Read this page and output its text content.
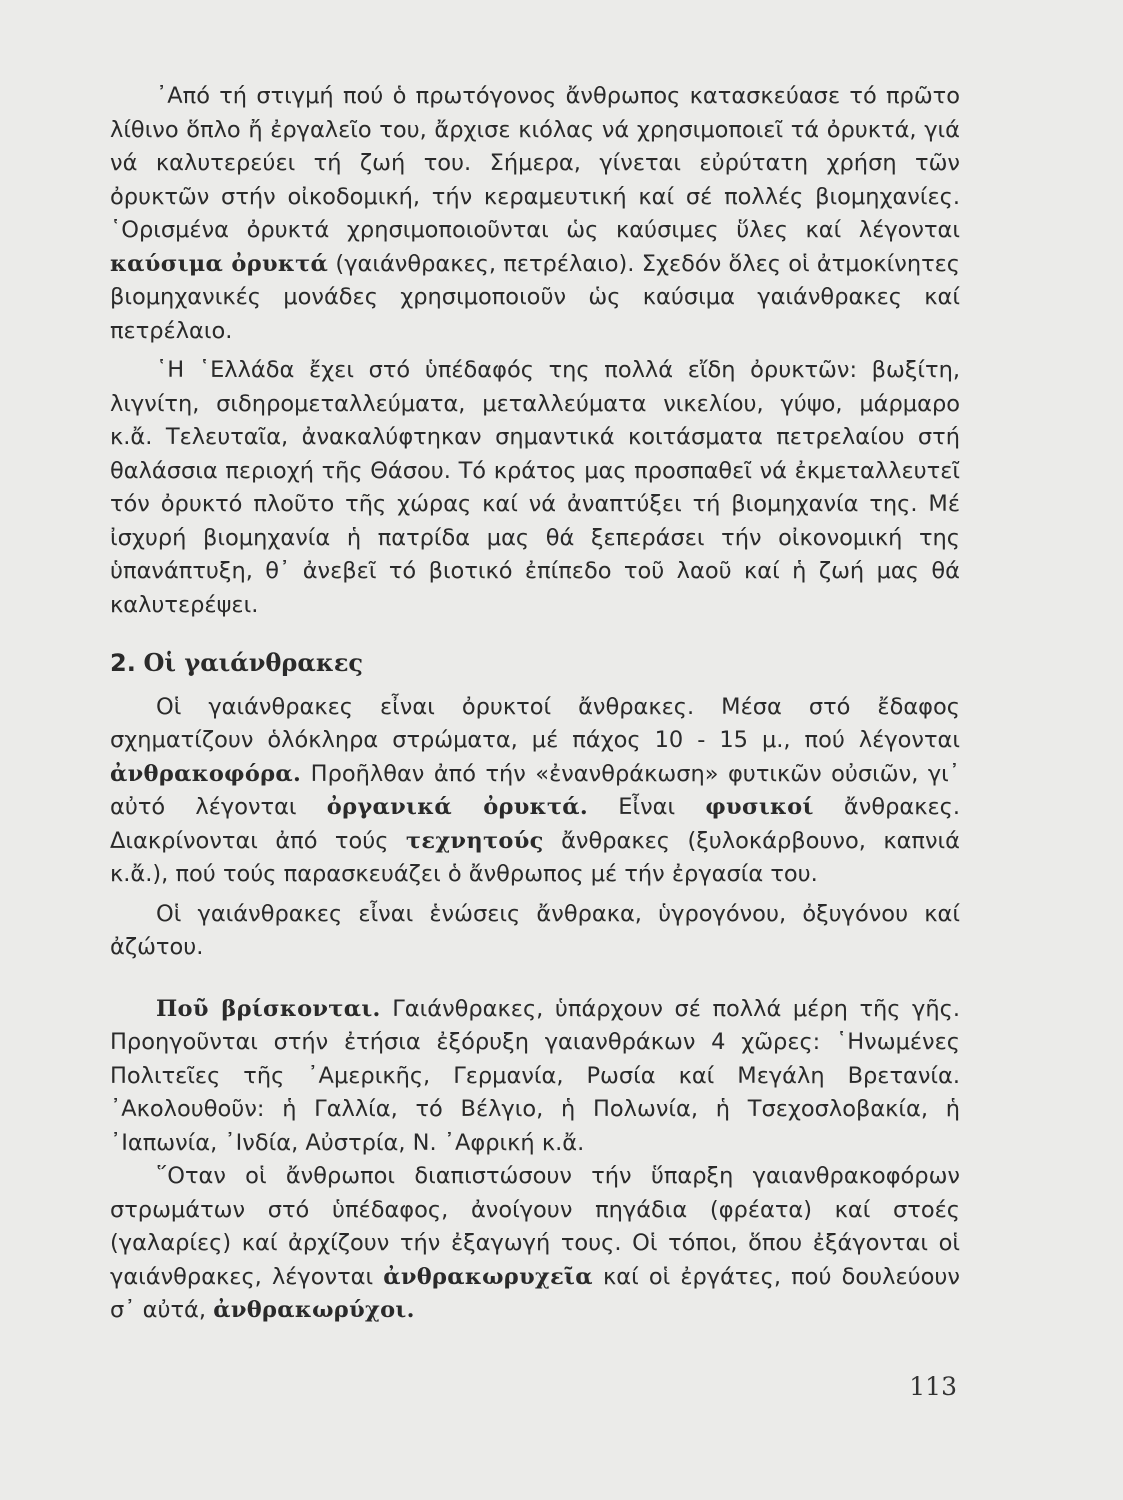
᾿Από τή στιγμή πού ὁ πρωτόγονος ἄνθρωπος κατασκεύασε τό πρῶτο λίθινο ὅπλο ἤ ἐργαλεῖο του, ἄρχισε κιόλας νά χρησιμοποιεῖ τά ὀρυκτά, γιά νά καλυτερεύει τή ζωή του. Σήμερα, γίνεται εὐρύτατη χρήση τῶν ὀρυκτῶν στήν οἰκοδομική, τήν κεραμευτική καί σέ πολλές βιομηχανίες. ῾Ορισμένα ὀρυκτά χρησιμοποιοῦνται ὡς καύσιμες ὕλες καί λέγονται καύσιμα ὀρυκτά (γαιάνθρακες, πετρέλαιο). Σχεδόν ὅλες οἱ ἀτμοκίνητες βιομηχανικές μονάδες χρησιμοποιοῦν ὡς καύσιμα γαιάνθρακες καί πετρέλαιο.

῾Η ῾Ελλάδα ἔχει στό ὑπέδαφός της πολλά εἴδη ὀρυκτῶν: βωξίτη, λιγνίτη, σιδηρομεταλλεύματα, μεταλλεύματα νικελίου, γύψο, μάρμαρο κ.ἄ. Τελευταῖα, ἀνακαλύφτηκαν σημαντικά κοιτάσματα πετρελαίου στή θαλάσσια περιοχή τῆς Θάσου. Τό κράτος μας προσπαθεῖ νά ἐκμεταλλευτεῖ τόν ὀρυκτό πλοῦτο τῆς χώρας καί νά ἀναπτύξει τή βιομηχανία της. Μέ ἰσχυρή βιομηχανία ἡ πατρίδα μας θά ξεπεράσει τήν οἰκονομική της ὑπανάπτυξη, θ᾿ ἀνεβεῖ τό βιοτικό ἐπίπεδο τοῦ λαοῦ καί ἡ ζωή μας θά καλυτερέψει.

2. Οἱ γαιάνθρακες

Οἱ γαιάνθρακες εἶναι ὀρυκτοί ἄνθρακες. Μέσα στό ἔδαφος σχηματίζουν ὁλόκληρα στρώματα, μέ πάχος 10 - 15 μ., πού λέγονται ἀνθρακοφόρα. Προῆλθαν ἀπό τήν «ἐνανθράκωση» φυτικῶν οὐσιῶν, γι᾿ αὐτό λέγονται ὀργανικά ὀρυκτά. Εἶναι φυσικοί ἄνθρακες. Διακρίνονται ἀπό τούς τεχνητούς ἄνθρακες (ξυλοκάρβουνο, καπνιά κ.ἄ.), πού τούς παρασκευάζει ὁ ἄνθρωπος μέ τήν ἐργασία του.

Οἱ γαιάνθρακες εἶναι ἑνώσεις ἄνθρακα, ὑγρογόνου, ὀξυγόνου καί ἀζώτου.

Ποῦ βρίσκονται. Γαιάνθρακες, ὑπάρχουν σέ πολλά μέρη τῆς γῆς. Προηγοῦνται στήν ἐτήσια ἐξόρυξη γαιανθράκων 4 χῶρες: ῾Ηνωμένες Πολιτεῖες τῆς ᾿Αμερικῆς, Γερμανία, Ρωσία καί Μεγάλη Βρετανία. ᾿Ακολουθοῦν: ἡ Γαλλία, τό Βέλγιο, ἡ Πολωνία, ἡ Τσεχοσλοβακία, ἡ ᾿Ιαπωνία, ᾿Ινδία, Αὐστρία, Ν. ᾿Αφρική κ.ἄ.

῞Οταν οἱ ἄνθρωποι διαπιστώσουν τήν ὕπαρξη γαιανθρακοφόρων στρωμάτων στό ὑπέδαφος, ἀνοίγουν πηγάδια (φρέατα) καί στοές (γαλαρίες) καί ἀρχίζουν τήν ἐξαγωγή τους. Οἱ τόποι, ὅπου ἐξάγονται οἱ γαιάνθρακες, λέγονται ἀνθρακωρυχεῖα καί οἱ ἐργάτες, πού δουλεύουν σ᾿ αὐτά, ἀνθρακωρύχοι.

113
